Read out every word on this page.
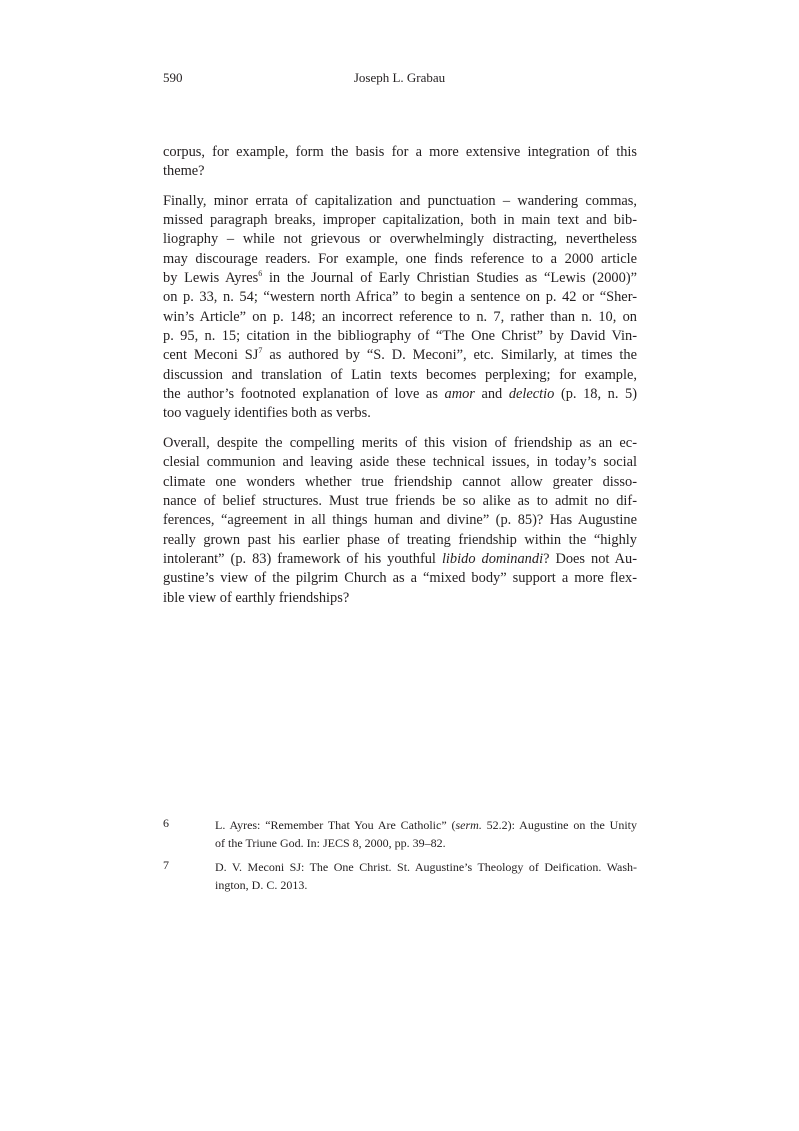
590	Joseph L. Grabau
corpus, for example, form the basis for a more extensive integration of this
theme?
Finally, minor errata of capitalization and punctuation – wandering commas,
missed paragraph breaks, improper capitalization, both in main text and bib-
liography – while not grievous or overwhelmingly distracting, nevertheless
may discourage readers. For example, one finds reference to a 2000 article
by Lewis Ayres$^6$ in the Journal of Early Christian Studies as “Lewis (2000)”
on p. 33, n. 54; “western north Africa” to begin a sentence on p. 42 or “Sher-
win’s Article” on p. 148; an incorrect reference to n. 7, rather than n. 10, on
p. 95, n. 15; citation in the bibliography of “The One Christ” by David Vin-
cent Meconi $SJ^7$ as authored by “S. D. Meconi”, etc. Similarly, at times the
discussion and translation of Latin texts becomes perplexing; for example,
the author’s footnoted explanation of love as amor and delectio (p. 18, n. 5)
too vaguely identifies both as verbs.
Overall, despite the compelling merits of this vision of friendship as an ec-
clesial communion and leaving aside these technical issues, in today’s social
climate one wonders whether true friendship cannot allow greater disso-
nance of belief structures. Must true friends be so alike as to admit no dif-
ferences, “agreement in all things human and divine” (p. 85)? Has Augustine
really grown past his earlier phase of treating friendship within the “highly
intolerant” (p. 83) framework of his youthful libido dominandi? Does not Au-
gustine’s view of the pilgrim Church as a “mixed body” support a more flex-
ible view of earthly friendships?
6	L. Ayres: “Remember That You Are Catholic” (serm. 52.2): Augustine on the Unity
of the Triune God. In: JECS 8, 2000, pp. 39–82.
7	D. V. Meconi SJ: The One Christ. St. Augustine’s Theology of Deification. Wash-
ington, D. C. 2013.
